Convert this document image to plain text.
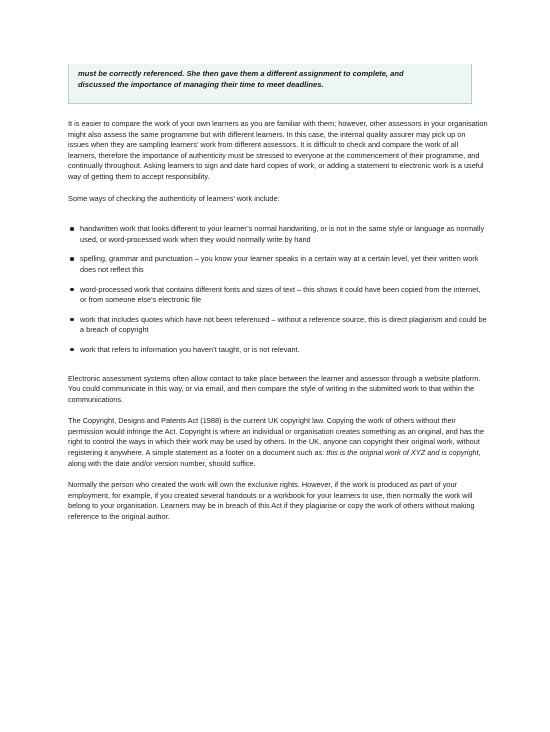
must be correctly referenced. She then gave them a different assignment to complete, and

discussed the importance of managing their time to meet deadlines.

It is easier to compare the work of your own learners as you are familiar with them; however, other assessors in your organisation might also assess the same programme but with different learners. In this case, the internal quality assurer may pick up on issues when they are sampling learners’ work from different assessors. It is difficult to check and compare the work of all learners, therefore the importance of authenticity must be stressed to everyone at the commencement of their programme, and continually throughout. Asking learners to sign and date hard copies of work, or adding a statement to electronic work is a useful way of getting them to accept responsibility.

Some ways of checking the authenticity of learners’ work include:

handwritten work that looks different to your learner’s normal handwriting, or is not in the same style or language as normally used, or word-processed work when they would normally write by hand
spelling, grammar and punctuation – you know your learner speaks in a certain way at a certain level, yet their written work does not reflect this
word-processed work that contains different fonts and sizes of text – this shows it could have been copied from the internet, or from someone else’s electronic file
work that includes quotes which have not been referenced – without a reference source, this is direct plagiarism and could be a breach of copyright
work that refers to information you haven’t taught, or is not relevant.

Electronic assessment systems often allow contact to take place between the learner and assessor through a website platform. You could communicate in this way, or via email, and then compare the style of writing in the submitted work to that within the communications.

The Copyright, Designs and Patents Act (1988) is the current UK copyright law. Copying the work of others without their permission would infringe the Act. Copyright is where an individual or organisation creates something as an original, and has the right to control the ways in which their work may be used by others. In the UK, anyone can copyright their original work, without registering it anywhere. A simple statement as a footer on a document such as: this is the original work of XYZ and is copyright, along with the date and/or version number, should suffice.

Normally the person who created the work will own the exclusive rights. However, if the work is produced as part of your employment, for example, if you created several handouts or a workbook for your learners to use, then normally the work will belong to your organisation. Learners may be in breach of this Act if they plagiarise or copy the work of others without making reference to the original author.
